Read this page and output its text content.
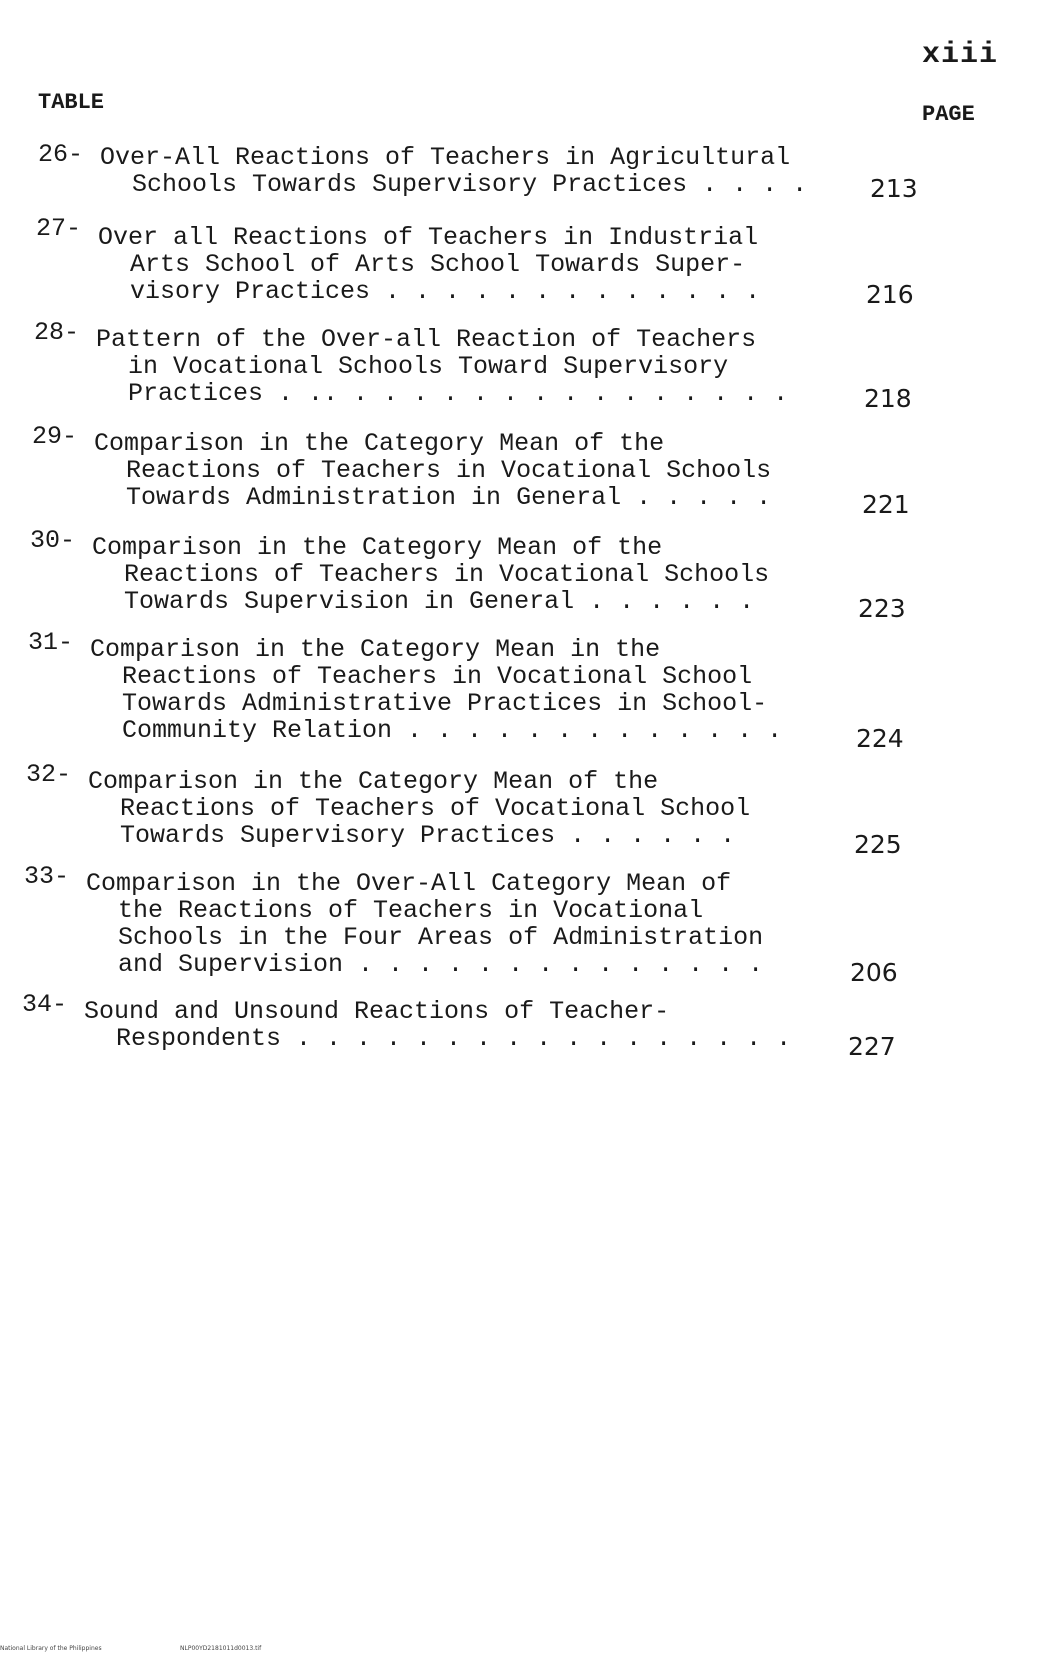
xiii
TABLE	PAGE
26- Over-All Reactions of Teachers in Agricultural
Schools Towards Supervisory Practices . . . .	213
27- Over all Reactions of Teachers in Industrial
Arts School of Arts School Towards Super-
visory Practices . . . . . . . . . . . . .	216
28- Pattern of the Over-all Reaction of Teachers
in Vocational Schools Toward Supervisory
Practices . .. . . . . . . . . . . . . . . .	218
29- Comparison in the Category Mean of the
Reactions of Teachers in Vocational Schools
Towards Administration in General . . . . .	221
30- Comparison in the Category Mean of the
Reactions of Teachers in Vocational Schools
Towards Supervision in General . . . . . .	223
31- Comparison in the Category Mean in the
Reactions of Teachers in Vocational School
Towards Administrative Practices in School-
Community Relation . . . . . . . . . . . . .	224
32- Comparison in the Category Mean of the
Reactions of Teachers of Vocational School
Towards Supervisory Practices . . . . . .	225
33- Comparison in the Over-All Category Mean of
the Reactions of Teachers in Vocational
Schools in the Four Areas of Administration
and Supervision . . . . . . . . . . . . . .	206
34- Sound and Unsound Reactions of Teacher-
Respondents . . . . . . . . . . . . . . . . . 227
National Library of the Philippines	NLP00YD2181011d0013.tif
